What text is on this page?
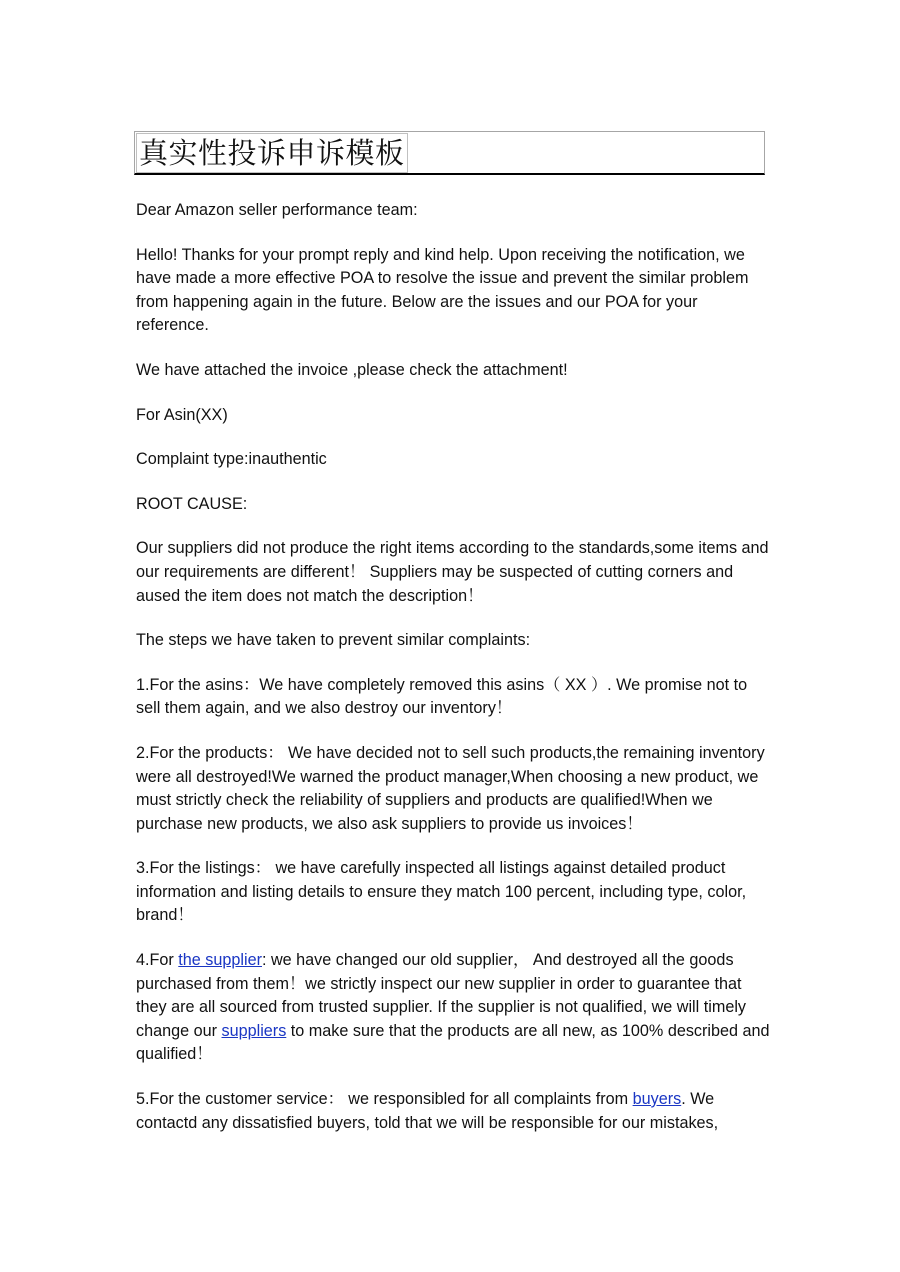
真实性投诉申诉模板

Dear Amazon seller performance team:

Hello! Thanks for your prompt reply and kind help. Upon receiving the notification, we have made a more effective POA to resolve the issue and prevent the similar problem from happening again in the future. Below are the issues and our POA for your reference.

We have attached the invoice ,please check the attachment!

For Asin(XX)

Complaint type:inauthentic

ROOT CAUSE:

Our suppliers did not produce the right items according to the standards,some items and our requirements are different！ Suppliers may be suspected of cutting corners and aused the item does not match the description！

The steps we have taken to prevent similar complaints:

1.For the asins：We have completely removed this asins（ XX ）. We promise not to sell them again, and we also destroy our inventory！

2.For the products： We have decided not to sell such products,the remaining inventory were all destroyed!We warned the product manager,When choosing a new product, we must strictly check the reliability of suppliers and products are qualified!When we purchase new products, we also ask suppliers to provide us invoices！

3.For the listings： we have carefully inspected all listings against detailed product information and listing details to ensure they match 100 percent, including type, color, brand！

4.For the supplier: we have changed our old supplier， And destroyed all the goods purchased from them！we strictly inspect our new supplier in order to guarantee that they are all sourced from trusted supplier. If the supplier is not qualified, we will timely change our suppliers to make sure that the products are all new, as 100% described and qualified！

5.For the customer service： we responsibled for all complaints from buyers. We contactd any dissatisfied buyers, told that we will be responsible for our mistakes,
